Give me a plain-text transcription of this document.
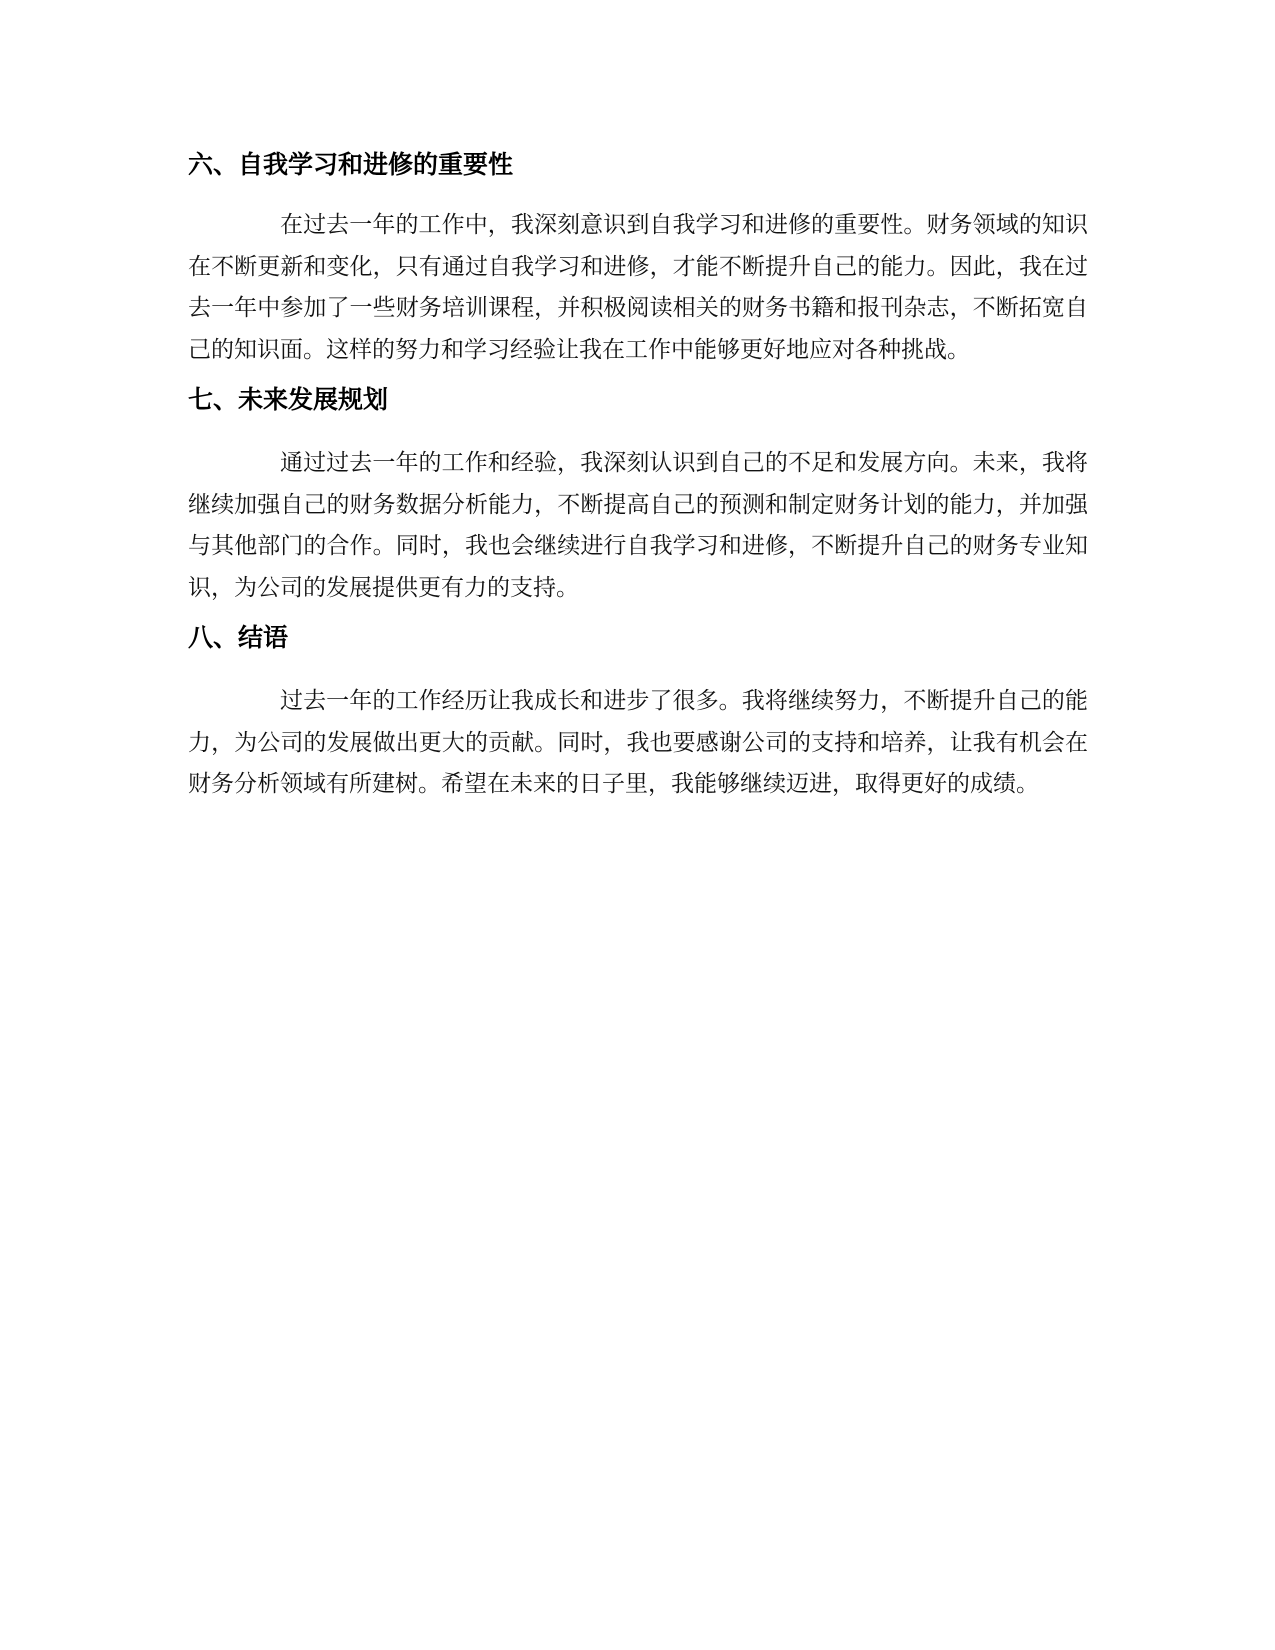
六、自我学习和进修的重要性

在过去一年的工作中，我深刻意识到自我学习和进修的重要性。财务领域的知识在不断更新和变化，只有通过自我学习和进修，才能不断提升自己的能力。因此，我在过去一年中参加了一些财务培训课程，并积极阅读相关的财务书籍和报刊杂志，不断拓宽自己的知识面。这样的努力和学习经验让我在工作中能够更好地应对各种挑战。

七、未来发展规划

通过过去一年的工作和经验，我深刻认识到自己的不足和发展方向。未来，我将继续加强自己的财务数据分析能力，不断提高自己的预测和制定财务计划的能力，并加强与其他部门的合作。同时，我也会继续进行自我学习和进修，不断提升自己的财务专业知识，为公司的发展提供更有力的支持。

八、结语

过去一年的工作经历让我成长和进步了很多。我将继续努力，不断提升自己的能力，为公司的发展做出更大的贡献。同时，我也要感谢公司的支持和培养，让我有机会在财务分析领域有所建树。希望在未来的日子里，我能够继续迈进，取得更好的成绩。
